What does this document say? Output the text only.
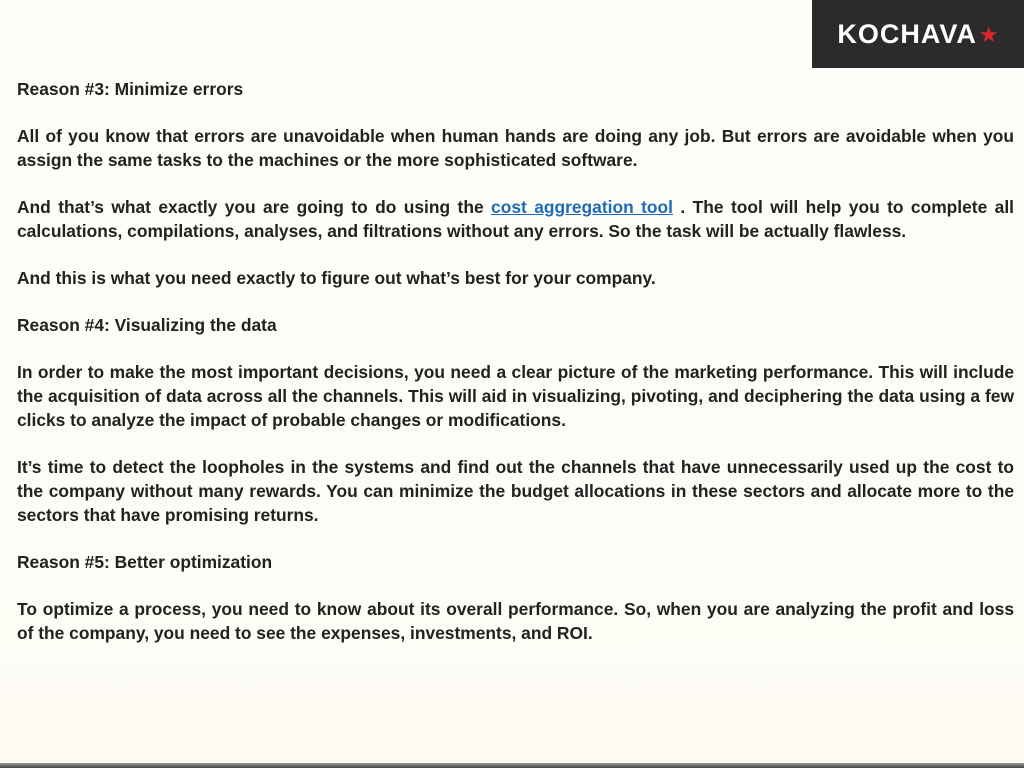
KOCHAVA ★

Reason #3: Minimize errors

All of you know that errors are unavoidable when human hands are doing any job. But errors are avoidable when you assign the same tasks to the machines or the more sophisticated software.

And that’s what exactly you are going to do using the cost aggregation tool . The tool will help you to complete all calculations, compilations, analyses, and filtrations without any errors. So the task will be actually flawless.

And this is what you need exactly to figure out what’s best for your company.

Reason #4: Visualizing the data

In order to make the most important decisions, you need a clear picture of the marketing performance. This will include the acquisition of data across all the channels. This will aid in visualizing, pivoting, and deciphering the data using a few clicks to analyze the impact of probable changes or modifications.

It’s time to detect the loopholes in the systems and find out the channels that have unnecessarily used up the cost to the company without many rewards. You can minimize the budget allocations in these sectors and allocate more to the sectors that have promising returns.

Reason #5: Better optimization

To optimize a process, you need to know about its overall performance. So, when you are analyzing the profit and loss of the company, you need to see the expenses, investments, and ROI.
